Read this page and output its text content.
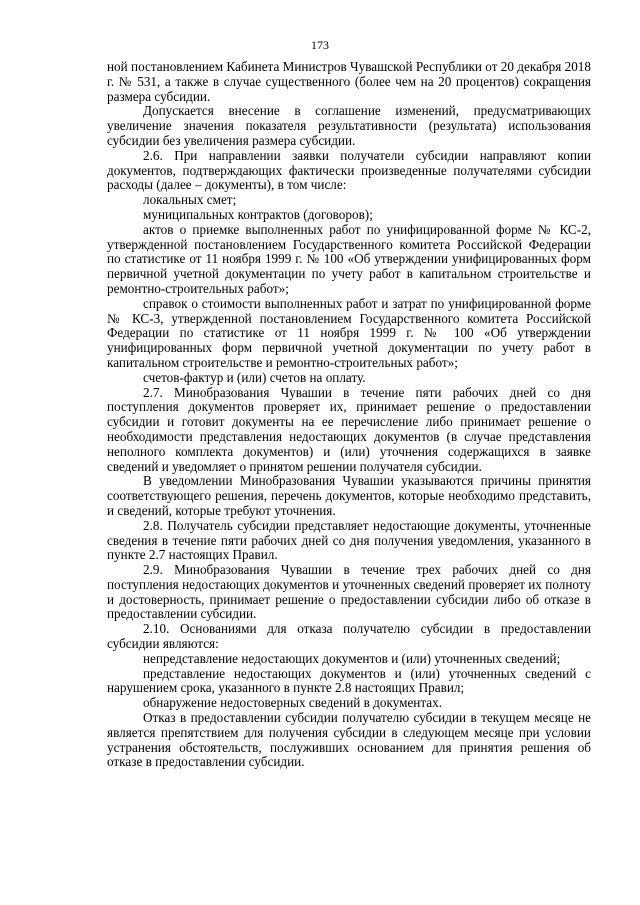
173

ной постановлением Кабинета Министров Чувашской Республики от 20 декабря 2018 г. № 531, а также в случае существенного (более чем на 20 процентов) сокращения размера субсидии.

Допускается внесение в соглашение изменений, предусматривающих увеличение значения показателя результативности (результата) использования субсидии без увеличения размера субсидии.

2.6. При направлении заявки получатели субсидии направляют копии документов, подтверждающих фактически произведенные получателями субсидии расходы (далее – документы), в том числе:

локальных смет;

муниципальных контрактов (договоров);

актов о приемке выполненных работ по унифицированной форме № КС-2, утвержденной постановлением Государственного комитета Российской Федерации по статистике от 11 ноября 1999 г. № 100 «Об утверждении унифицированных форм первичной учетной документации по учету работ в капитальном строительстве и ремонтно-строительных работ»;

справок о стоимости выполненных работ и затрат по унифицированной форме № КС-3, утвержденной постановлением Государственного комитета Российской Федерации по статистике от 11 ноября 1999 г. № 100 «Об утверждении унифицированных форм первичной учетной документации по учету работ в капитальном строительстве и ремонтно-строительных работ»;

счетов-фактур и (или) счетов на оплату.

2.7. Минобразования Чувашии в течение пяти рабочих дней со дня поступления документов проверяет их, принимает решение о предоставлении субсидии и готовит документы на ее перечисление либо принимает решение о необходимости представления недостающих документов (в случае представления неполного комплекта документов) и (или) уточнения содержащихся в заявке сведений и уведомляет о принятом решении получателя субсидии.

В уведомлении Минобразования Чувашии указываются причины принятия соответствующего решения, перечень документов, которые необходимо представить, и сведений, которые требуют уточнения.

2.8. Получатель субсидии представляет недостающие документы, уточненные сведения в течение пяти рабочих дней со дня получения уведомления, указанного в пункте 2.7 настоящих Правил.

2.9. Минобразования Чувашии в течение трех рабочих дней со дня поступления недостающих документов и уточненных сведений проверяет их полноту и достоверность, принимает решение о предоставлении субсидии либо об отказе в предоставлении субсидии.

2.10. Основаниями для отказа получателю субсидии в предоставлении субсидии являются:

непредставление недостающих документов и (или) уточненных сведений;

представление недостающих документов и (или) уточненных сведений с нарушением срока, указанного в пункте 2.8 настоящих Правил;

обнаружение недостоверных сведений в документах.

Отказ в предоставлении субсидии получателю субсидии в текущем месяце не является препятствием для получения субсидии в следующем месяце при условии устранения обстоятельств, послуживших основанием для принятия решения об отказе в предоставлении субсидии.
